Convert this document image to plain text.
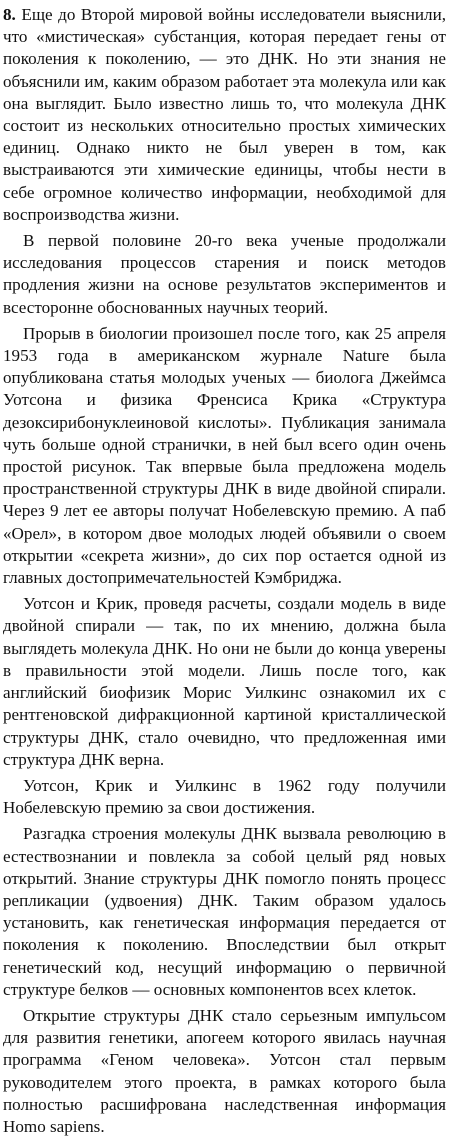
8. Еще до Второй мировой войны исследователи выяснили, что «мистическая» субстанция, которая передает гены от поколения к поколению, — это ДНК. Но эти знания не объяснили им, каким образом работает эта молекула или как она выглядит. Было известно лишь то, что молекула ДНК состоит из нескольких относительно простых химических единиц. Однако никто не был уверен в том, как выстраиваются эти химические единицы, чтобы нести в себе огромное количество информации, необходимой для воспроизводства жизни.

В первой половине 20-го века ученые продолжали исследования процессов старения и поиск методов продления жизни на основе результатов экспериментов и всесторонне обоснованных научных теорий.

Прорыв в биологии произошел после того, как 25 апреля 1953 года в американском журнале Nature была опубликована статья молодых ученых — биолога Джеймса Уотсона и физика Френсиса Крика «Структура дезоксирибонуклеиновой кислоты». Публикация занимала чуть больше одной странички, в ней был всего один очень простой рисунок. Так впервые была предложена модель пространственной структуры ДНК в виде двойной спирали. Через 9 лет ее авторы получат Нобелевскую премию. А паб «Орел», в котором двое молодых людей объявили о своем открытии «секрета жизни», до сих пор остается одной из главных достопримечательностей Кэмбриджа.

Уотсон и Крик, проведя расчеты, создали модель в виде двойной спирали — так, по их мнению, должна была выглядеть молекула ДНК. Но они не были до конца уверены в правильности этой модели. Лишь после того, как английский биофизик Морис Уилкинс ознакомил их с рентгеновской дифракционной картиной кристаллической структуры ДНК, стало очевидно, что предложенная ими структура ДНК верна.

Уотсон, Крик и Уилкинс в 1962 году получили Нобелевскую премию за свои достижения.

Разгадка строения молекулы ДНК вызвала революцию в естествознании и повлекла за собой целый ряд новых открытий. Знание структуры ДНК помогло понять процесс репликации (удвоения) ДНК. Таким образом удалось установить, как генетическая информация передается от поколения к поколению. Впоследствии был открыт генетический код, несущий информацию о первичной структуре белков — основных компонентов всех клеток.

Открытие структуры ДНК стало серьезным импульсом для развития генетики, апогеем которого явилась научная программа «Геном человека». Уотсон стал первым руководителем этого проекта, в рамках которого была полностью расшифрована наследственная информация Homo sapiens.
